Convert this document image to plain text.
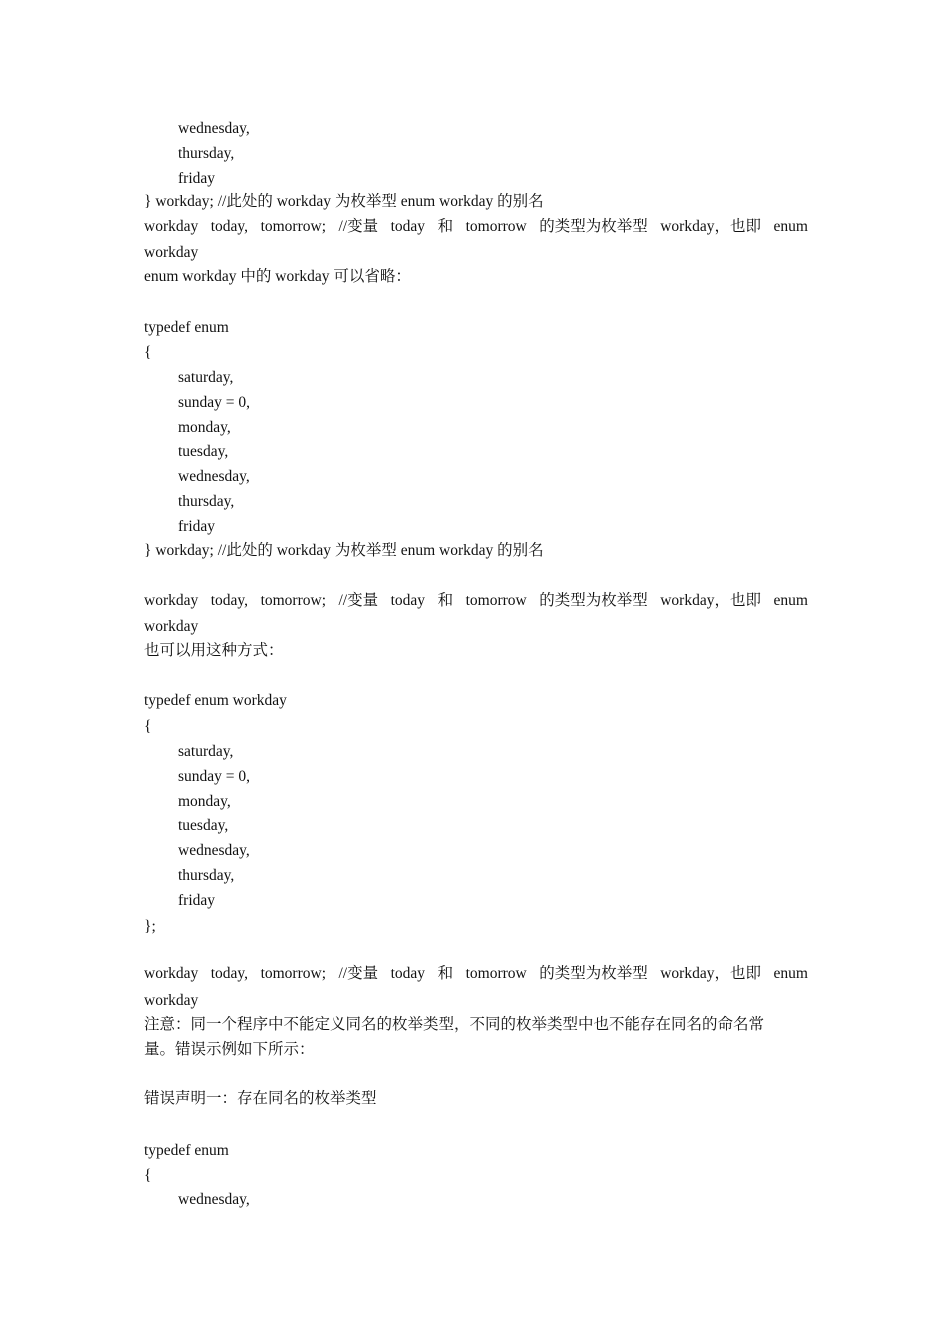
wednesday,
thursday,
friday
} workday; //此处的 workday 为枚举型 enum workday 的别名
workday today, tomorrow; //变量 today 和 tomorrow 的类型为枚举型 workday，也即 enum
workday
enum workday 中的 workday 可以省略：
typedef enum
{
saturday,
sunday = 0,
monday,
tuesday,
wednesday,
thursday,
friday
} workday; //此处的 workday 为枚举型 enum workday 的别名
workday today, tomorrow; //变量 today 和 tomorrow 的类型为枚举型 workday，也即 enum
workday
也可以用这种方式：
typedef enum workday
{
saturday,
sunday = 0,
monday,
tuesday,
wednesday,
thursday,
friday
};
workday today, tomorrow; //变量 today 和 tomorrow 的类型为枚举型 workday，也即 enum
workday
注意：同一个程序中不能定义同名的枚举类型，不同的枚举类型中也不能存在同名的命名常
量。错误示例如下所示：
错误声明一：存在同名的枚举类型
typedef enum
{
wednesday,
